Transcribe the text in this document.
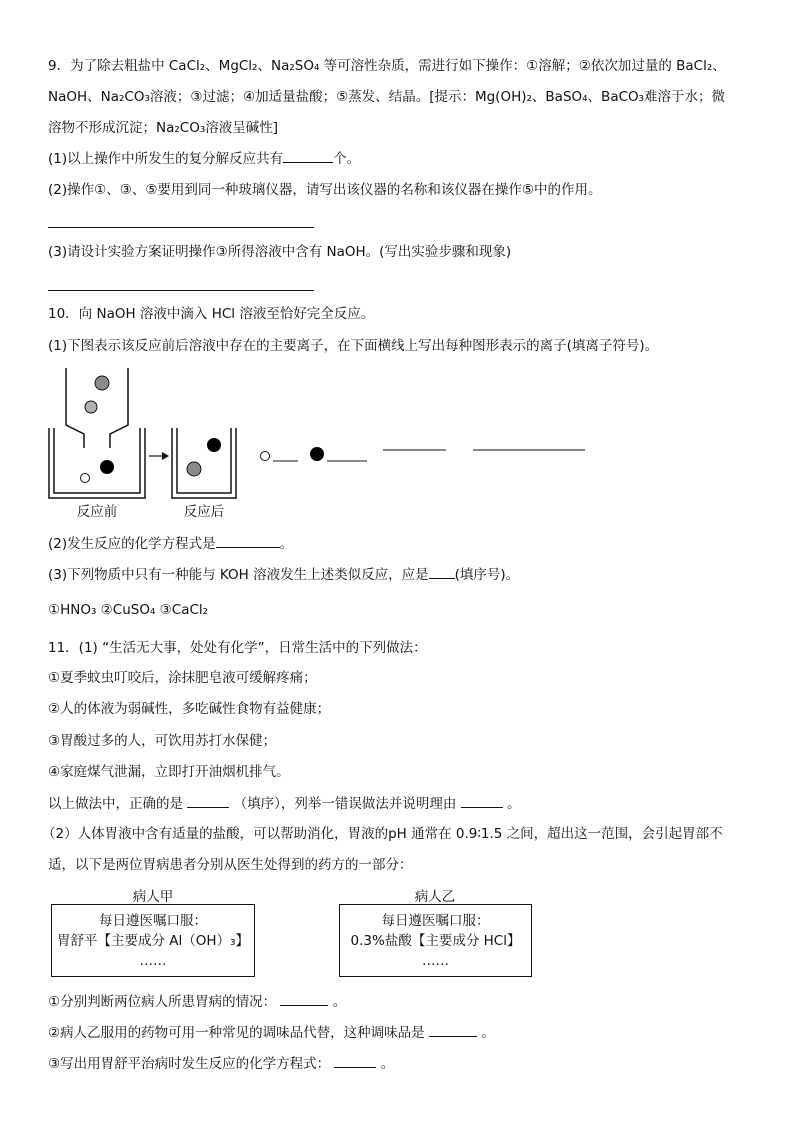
9．为了除去粗盐中 CaCl₂、MgCl₂、Na₂SO₄ 等可溶性杂质，需进行如下操作：①溶解；②依次加过量的 BaCl₂、
NaOH、Na₂CO₃溶液；③过滤；④加适量盐酸；⑤蒸发、结晶。[提示：Mg(OH)₂、BaSO₄、BaCO₃难溶于水；微
溶物不形成沉淀；Na₂CO₃溶液呈碱性]
(1)以上操作中所发生的复分解反应共有	个。
(2)操作①、③、⑤要用到同一种玻璃仪器，请写出该仪器的名称和该仪器在操作⑤中的作用。
(3)请设计实验方案证明操作③所得溶液中含有 NaOH。(写出实验步骤和现象)
10．向 NaOH 溶液中滴入 HCl 溶液至恰好完全反应。
(1)下图表示该反应前后溶液中存在的主要离子，在下面横线上写出每种图形表示的离子(填离子符号)。
反应前	反应后
(2)发生反应的化学方程式是	。
(3)下列物质中只有一种能与 KOH 溶液发生上述类似反应，应是 (填序号)。
①HNO₃ ②CuSO₄ ③CaCl₂
11．(1) “生活无大事，处处有化学”，日常生活中的下列做法：
①夏季蚊虫叮咬后，涂抹肥皂液可缓解疼痛；
②人的体液为弱碱性，多吃碱性食物有益健康；
③胃酸过多的人，可饮用苏打水保健；
④家庭煤气泄漏，立即打开油烟机排气。
以上做法中，正确的是	（填序），列举一错误做法并说明理由	。
（2）人体胃液中含有适量的盐酸，可以帮助消化，胃液的pH 通常在 0.9∶1.5 之间，超出这一范围，会引起胃部不
适，以下是两位胃病患者分别从医生处得到的药方的一部分：
病人甲
每日遵医嘱口服：
胃舒平【主要成分 Al（OH）₃】
……
病人乙
每日遵医嘱口服：
0.3%盐酸【主要成分 HCl】
……
①分别判断两位病人所患胃病的情况：	。
②病人乙服用的药物可用一种常见的调味品代替，这种调味品是	。
③写出用胃舒平治病时发生反应的化学方程式：	。
